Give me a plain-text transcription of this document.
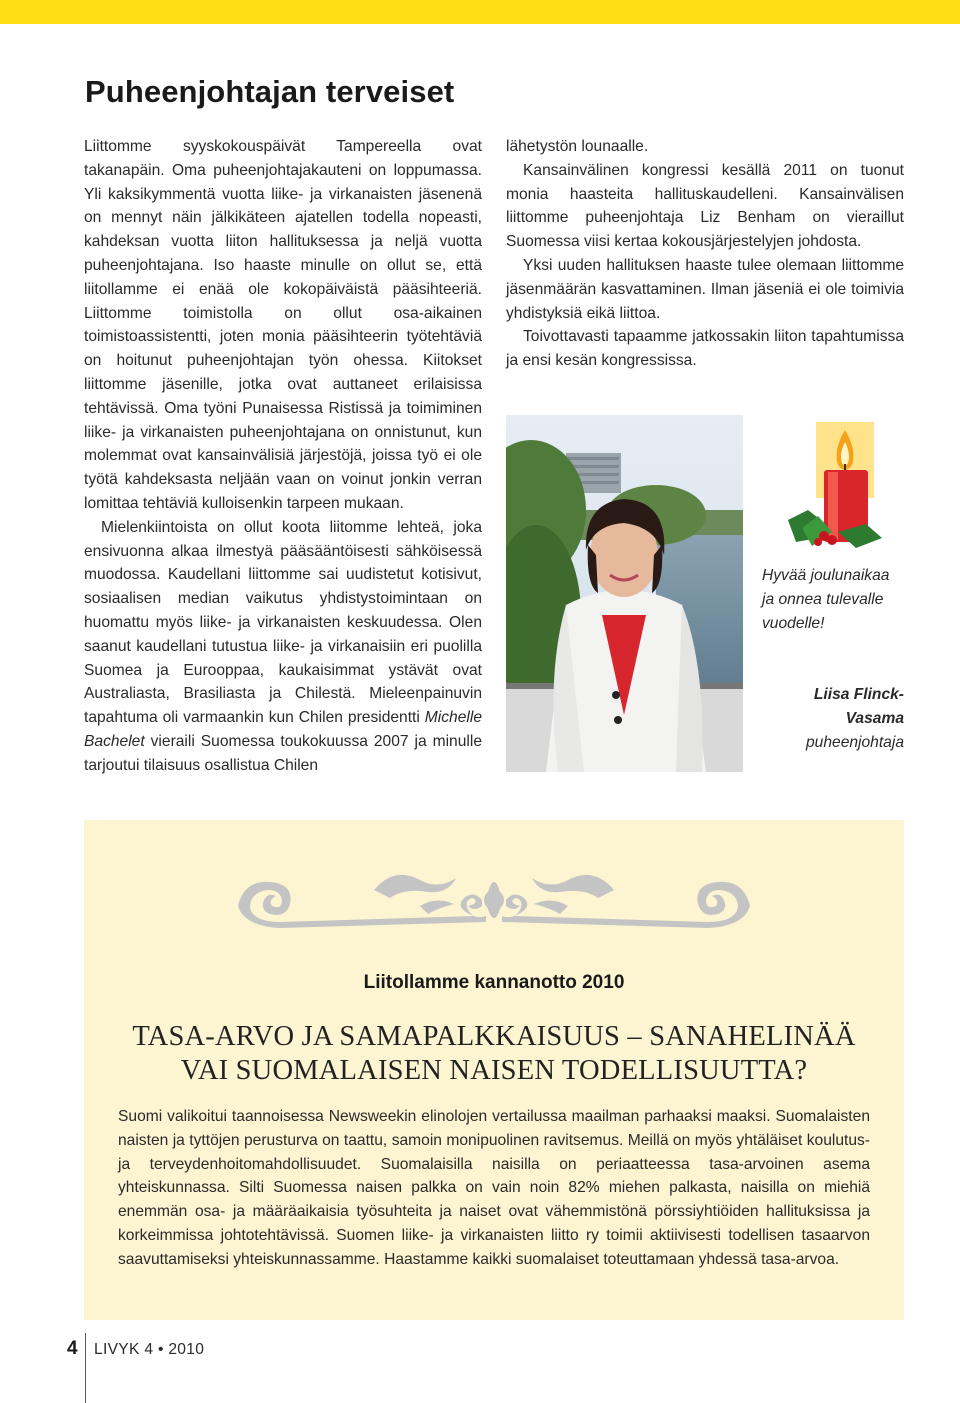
Puheenjohtajan terveiset

Liittomme syyskokouspäivät Tampereella ovat takanapäin. Oma puheenjohtajakauteni on loppumassa. Yli kaksikymmentä vuotta liike- ja virkanaisten jäsenenä on mennyt näin jälkikäteen ajatellen todella nopeasti, kahdeksan vuotta liiton hallituksessa ja neljä vuotta puheenjohtajana. Iso haaste minulle on ollut se, että liitollamme ei enää ole kokopäiväistä pääsihteeriä. Liittomme toimistolla on ollut osa-aikainen toimistoassistentti, joten monia pääsihteerin työtehtäviä on hoitunut puheenjohtajan työn ohessa. Kiitokset liittomme jäsenille, jotka ovat auttaneet erilaisissa tehtävissä. Oma työni Punaisessa Ristissä ja toimiminen liike- ja virkanaisten puheenjohtajana on onnistunut, kun molemmat ovat kansainvälisiä järjestöjä, joissa työ ei ole työtä kahdeksasta neljään vaan on voinut jonkin verran lomittaa tehtäviä kulloisenkin tarpeen mukaan.

Mielenkiintoista on ollut koota liitomme lehteä, joka ensivuonna alkaa ilmestyä pääsääntöisesti sähköisessä muodossa. Kaudellani liittomme sai uudistetut kotisivut, sosiaalisen median vaikutus yhdistystoimintaan on huomattu myös liike- ja virkanaisten keskuudessa. Olen saanut kaudellani tutustua liike- ja virkanaisiin eri puolilla Suomea ja Eurooppaa, kaukaisimmat ystävät ovat Australiasta, Brasiliasta ja Chilestä. Mieleenpainuvin tapahtuma oli varmaankin kun Chilen presidentti Michelle Bachelet vieraili Suomessa toukokuussa 2007 ja minulle tarjoutui tilaisuus osallistua Chilen

lähetystön lounaalle.

Kansainvälinen kongressi kesällä 2011 on tuonut monia haasteita hallituskaudelleni. Kansainvälisen liittomme puheenjohtaja Liz Benham on vieraillut Suomessa viisi kertaa kokousjärjestelyjen johdosta.

Yksi uuden hallituksen haaste tulee olemaan liittomme jäsenmäärän kasvattaminen. Ilman jäseniä ei ole toimivia yhdistyksiä eikä liittoa.

Toivottavasti tapaamme jatkossakin liiton tapahtumissa ja ensi kesän kongressissa.

Hyvää joulunaikaa ja onnea tulevalle vuodelle!
Liisa Flinck-Vasama
puheenjohtaja
Liitollamme kannanotto 2010
TASA-ARVO JA SAMAPALKKAISUUS – SANAHELINÄÄ
VAI SUOMALAISEN NAISEN TODELLISUUTTA?

Suomi valikoitui taannoisessa Newsweekin elinolojen vertailussa maailman parhaaksi maaksi. Suomalaisten naisten ja tyttöjen perusturva on taattu, samoin monipuolinen ravitsemus. Meillä on myös yhtäläiset koulutus- ja terveydenhoitomahdollisuudet. Suomalaisilla naisilla on periaatteessa tasa-arvoinen asema yhteiskunnassa. Silti Suomessa naisen palkka on vain noin 82% miehen palkasta, naisilla on miehiä enemmän osa- ja määräaikaisia työsuhteita ja naiset ovat vähemmistönä pörssiyhtiöiden hallituksissa ja korkeimmissa johtotehtävissä. Suomen liike- ja virkanaisten liitto ry toimii aktiivisesti todellisen tasaarvon saavuttamiseksi yhteiskunnassamme. Haastamme kaikki suomalaiset toteuttamaan yhdessä tasa-arvoa.

4 LIVYK 4 • 2010
